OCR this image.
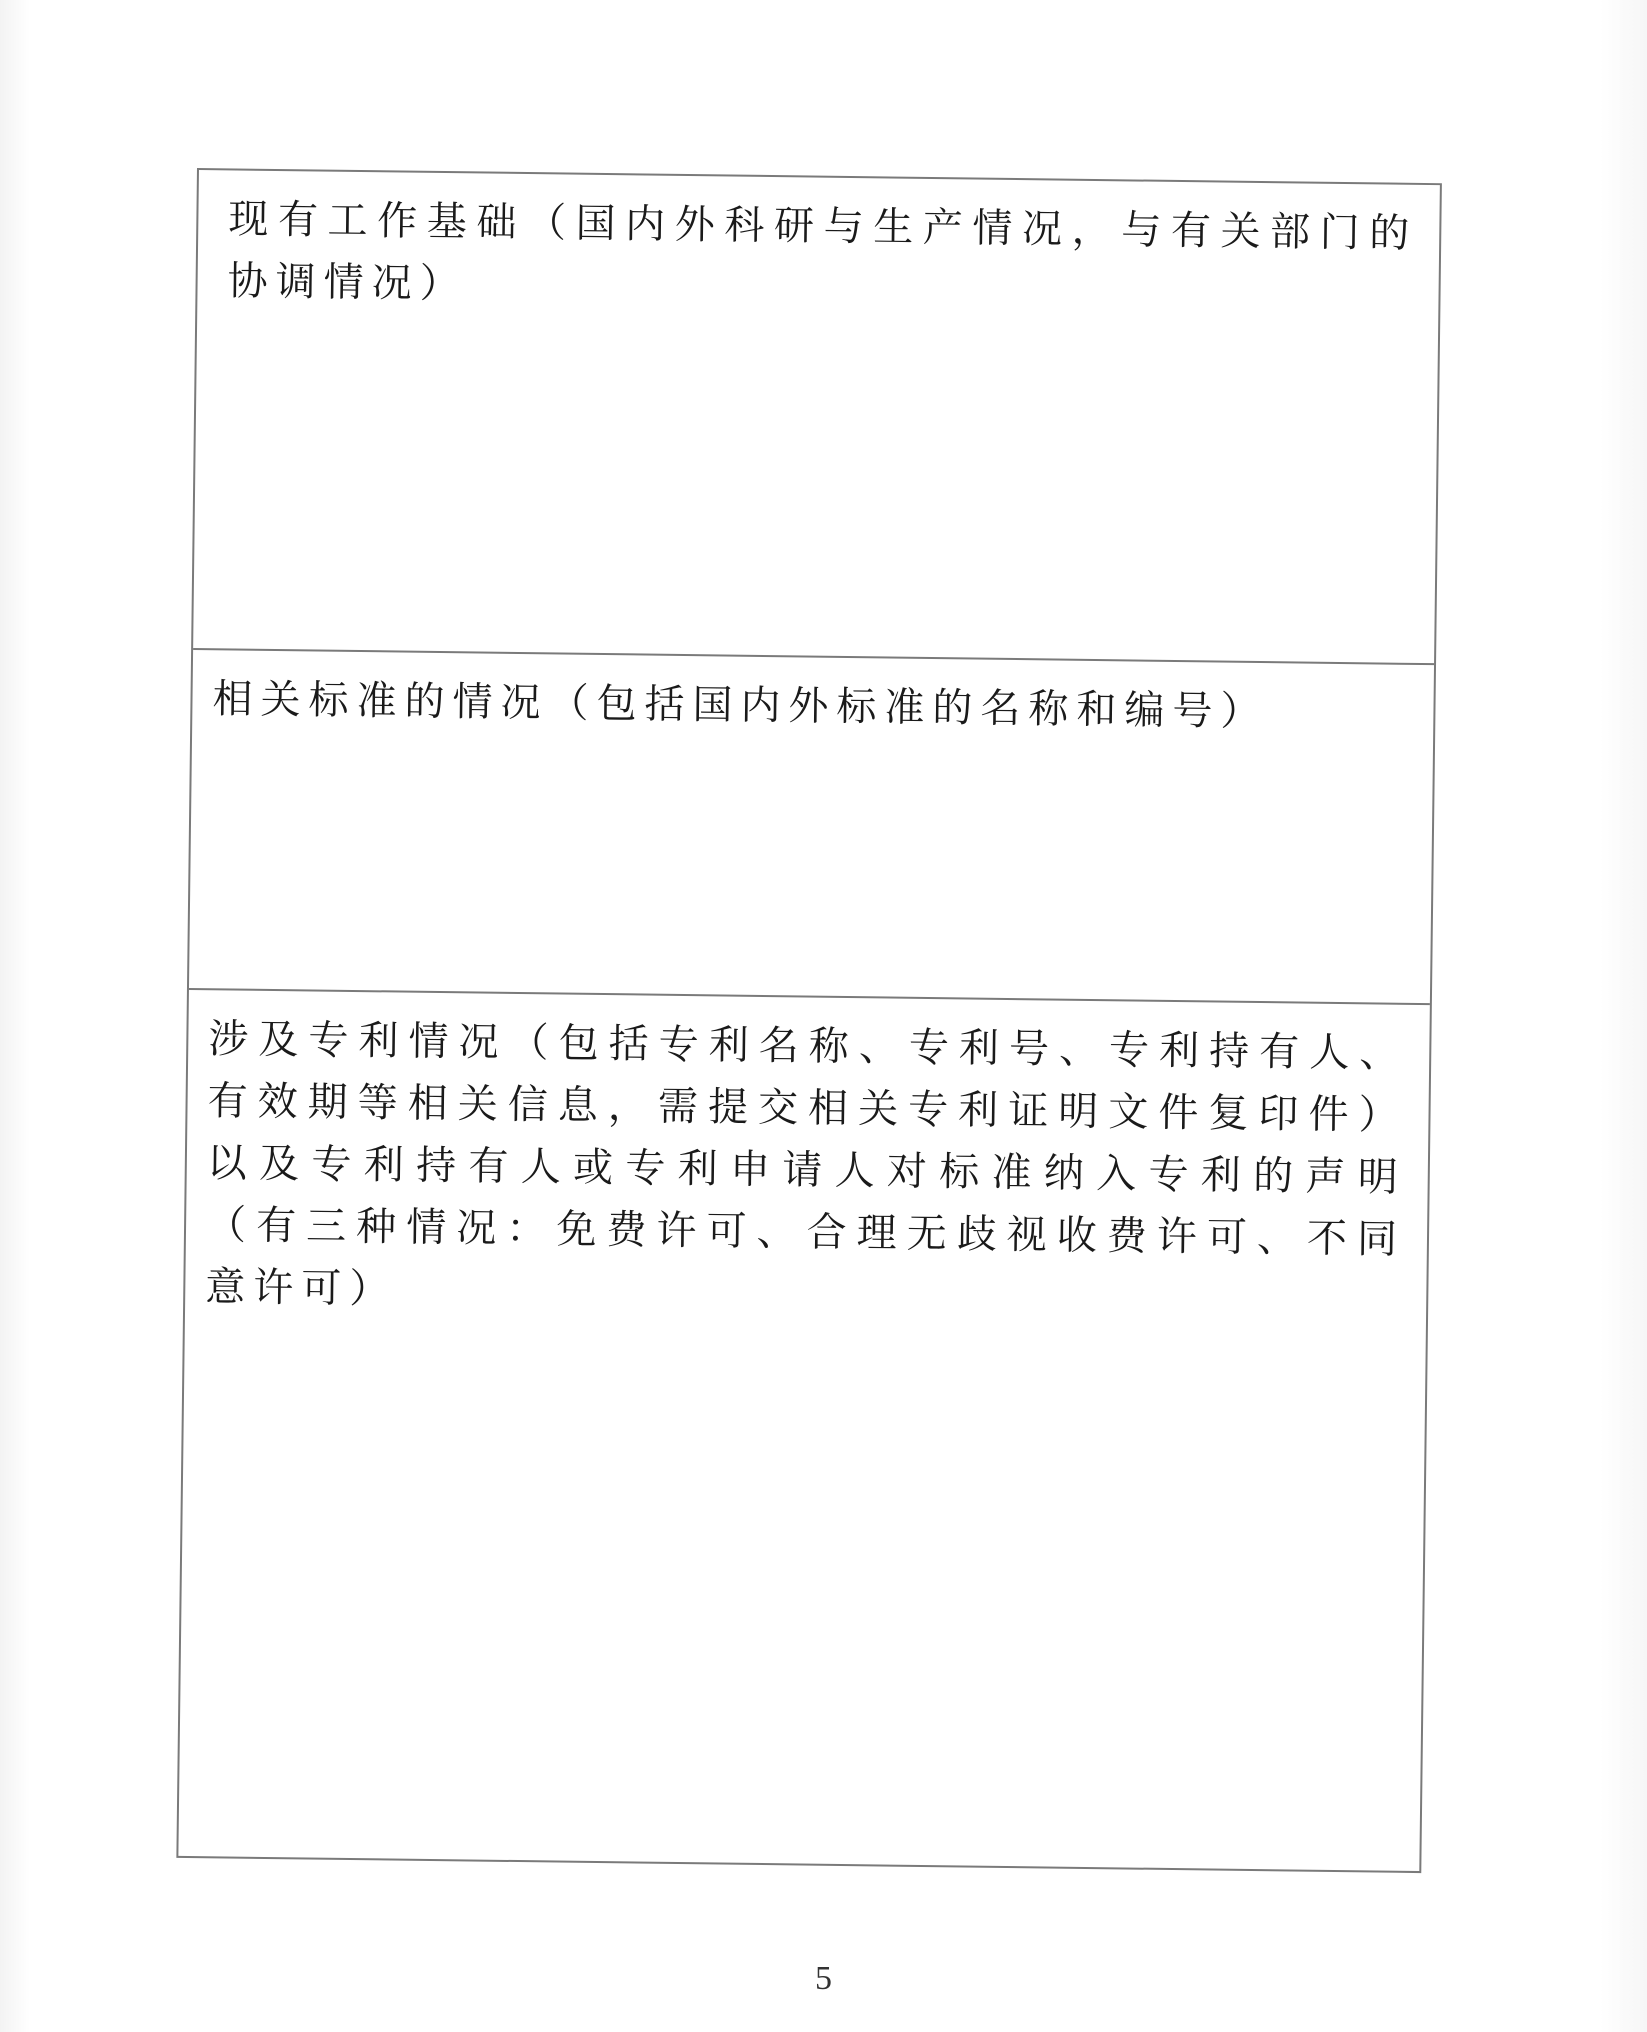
现有工作基础（国内外科研与生产情况，与有关部门的协调情况）

相关标准的情况（包括国内外标准的名称和编号）

涉及专利情况（包括专利名称、专利号、专利持有人、有效期等相关信息，需提交相关专利证明文件复印件）以及专利持有人或专利申请人对标准纳入专利的声明（有三种情况：免费许可、合理无歧视收费许可、不同意许可）

5
